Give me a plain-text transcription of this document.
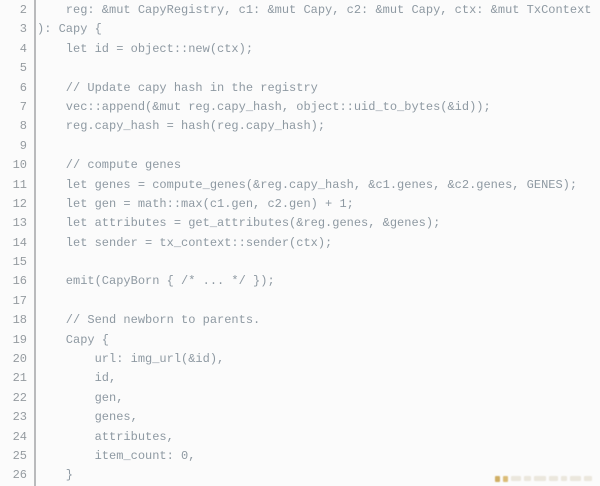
2 reg: &mut CapyRegistry, c1: &mut Capy, c2: &mut Capy, ctx: &mut TxContext
3 ): Capy {
4 let id = object::new(ctx);
5
6 // Update capy hash in the registry
7 vec::append(&mut reg.capy_hash, object::uid_to_bytes(&id));
8 reg.capy_hash = hash(reg.capy_hash);
9
10 // compute genes
11 let genes = compute_genes(&reg.capy_hash, &c1.genes, &c2.genes, GENES);
12 let gen = math::max(c1.gen, c2.gen) + 1;
13 let attributes = get_attributes(&reg.genes, &genes);
14 let sender = tx_context::sender(ctx);
15
16 emit(CapyBorn { /* ... */ });
17
18 // Send newborn to parents.
19 Capy {
20 url: img_url(&id),
21 id,
22 gen,
23 genes,
24 attributes,
25 item_count: 0,
26 }
